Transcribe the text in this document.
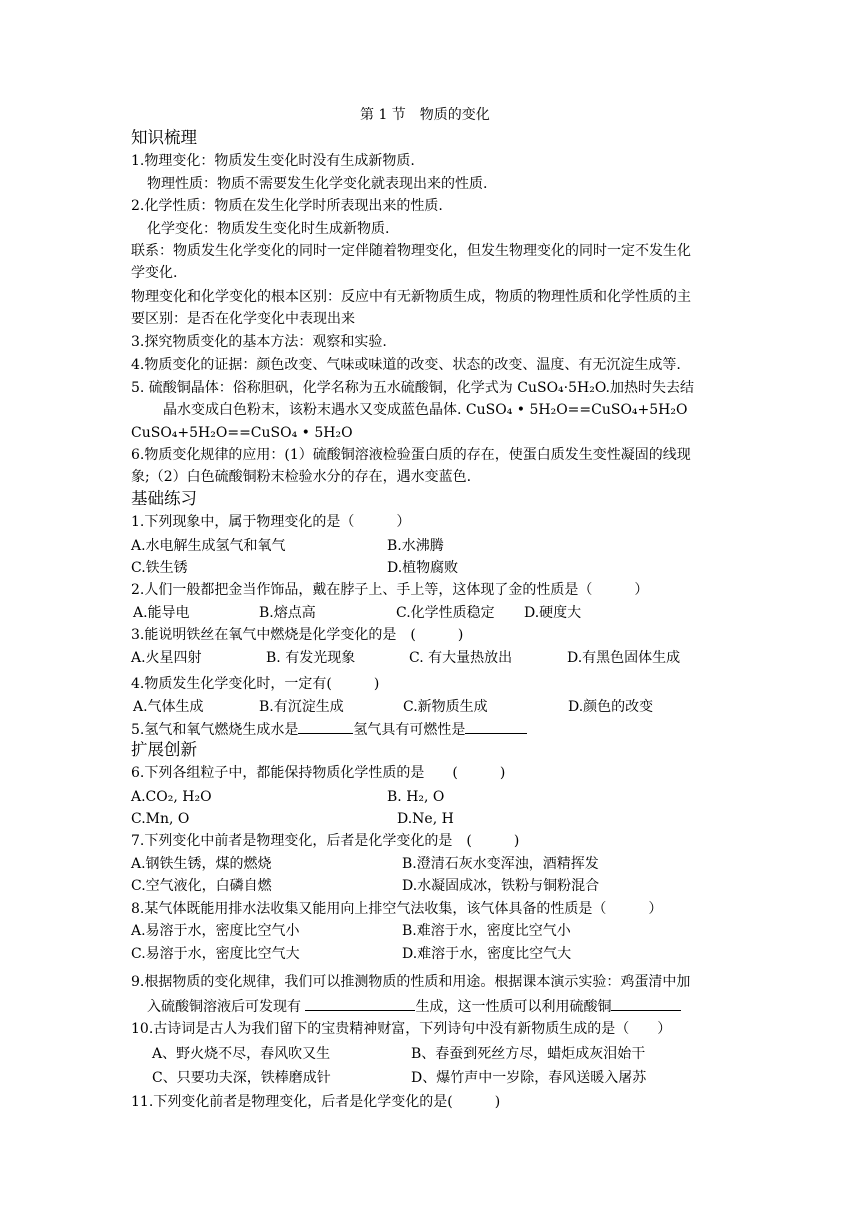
第 1 节　物质的变化
知识梳理
1.物理变化：物质发生变化时没有生成新物质.
物理性质：物质不需要发生化学变化就表现出来的性质.
2.化学性质：物质在发生化学时所表现出来的性质.
化学变化：物质发生变化时生成新物质.
联系：物质发生化学变化的同时一定伴随着物理变化，但发生物理变化的同时一定不发生化
学变化.
物理变化和化学变化的根本区别：反应中有无新物质生成，物质的物理性质和化学性质的主
要区别：是否在化学变化中表现出来
3.探究物质变化的基本方法：观察和实验.
4.物质变化的证据：颜色改变、气味或味道的改变、状态的改变、温度、有无沉淀生成等.
5. 硫酸铜晶体：俗称胆矾，化学名称为五水硫酸铜，化学式为 CuSO₄·5H₂O.加热时失去结
晶水变成白色粉末，该粉末遇水又变成蓝色晶体. CuSO₄ • 5H₂O==CuSO₄+5H₂O
CuSO₄+5H₂O==CuSO₄ • 5H₂O
6.物质变化规律的应用：(1）硫酸铜溶液检验蛋白质的存在，使蛋白质发生变性凝固的线现
象;（2）白色硫酸铜粉末检验水分的存在，遇水变蓝色.
基础练习
1.下列现象中，属于物理变化的是（　　　）
A.水电解生成氢气和氧气	B.水沸腾
C.铁生锈	D.植物腐败
2.人们一般都把金当作饰品，戴在脖子上、手上等，这体现了金的性质是（　　　）
A.能导电	B.熔点高	C.化学性质稳定 D.硬度大
3.能说明铁丝在氧气中燃烧是化学变化的是　(　　　)
A.火星四射	B. 有发光现象	C. 有大量热放出	D.有黑色固体生成
4.物质发生化学变化时，一定有(　　　)
A.气体生成	B.有沉淀生成	C.新物质生成	D.颜色的改变
5.氢气和氧气燃烧生成水是	氢气具有可燃性是
扩展创新
6.下列各组粒子中，都能保持物质化学性质的是　　(　　　)
A.CO₂, H₂O	B. H₂, O
C.Mn, O	D.Ne, H
7.下列变化中前者是物理变化，后者是化学变化的是　(　　　)
A.钢铁生锈，煤的燃烧	B.澄清石灰水变浑浊，酒精挥发
C.空气液化，白磷自燃	D.水凝固成冰，铁粉与铜粉混合
8.某气体既能用排水法收集又能用向上排空气法收集，该气体具备的性质是（　　　）
A.易溶于水，密度比空气小	B.难溶于水，密度比空气小
C.易溶于水，密度比空气大	D.难溶于水，密度比空气大
9.根据物质的变化规律，我们可以推测物质的性质和用途。根据课本演示实验：鸡蛋清中加
入硫酸铜溶液后可发现有	生成，这一性质可以利用硫酸铜
10.古诗词是古人为我们留下的宝贵精神财富，下列诗句中没有新物质生成的是（　　）
A、野火烧不尽，春风吹又生	B、春蚕到死丝方尽，蜡炬成灰泪始干
C、只要功夫深，铁棒磨成针	D、爆竹声中一岁除，春风送暖入屠苏
11.下列变化前者是物理变化，后者是化学变化的是(　　　)
